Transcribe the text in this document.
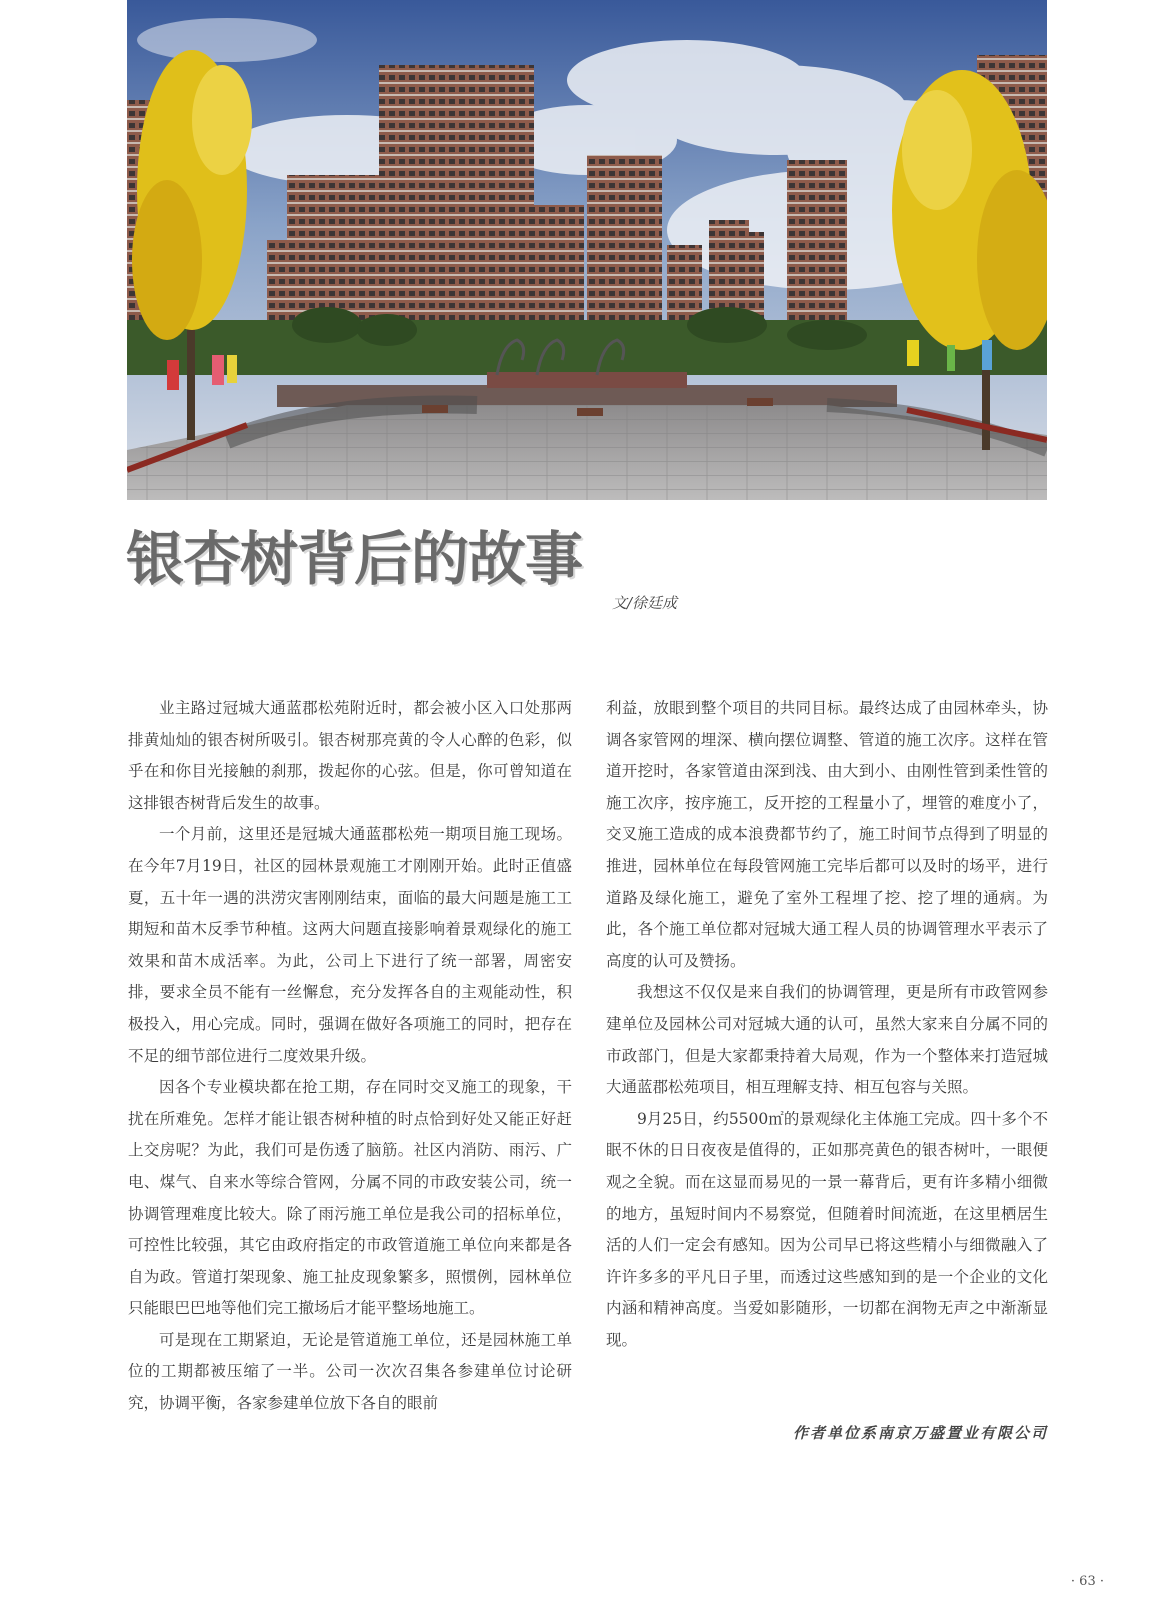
银杏树背后的故事
文/徐廷成

业主路过冠城大通蓝郡松苑附近时，都会被小区入口处那两排黄灿灿的银杏树所吸引。银杏树那亮黄的令人心醉的色彩，似乎在和你目光接触的刹那，拨起你的心弦。但是，你可曾知道在这排银杏树背后发生的故事。

一个月前，这里还是冠城大通蓝郡松苑一期项目施工现场。在今年7月19日，社区的园林景观施工才刚刚开始。此时正值盛夏，五十年一遇的洪涝灾害刚刚结束，面临的最大问题是施工工期短和苗木反季节种植。这两大问题直接影响着景观绿化的施工效果和苗木成活率。为此，公司上下进行了统一部署，周密安排，要求全员不能有一丝懈怠，充分发挥各自的主观能动性，积极投入，用心完成。同时，强调在做好各项施工的同时，把存在不足的细节部位进行二度效果升级。

因各个专业模块都在抢工期，存在同时交叉施工的现象，干扰在所难免。怎样才能让银杏树种植的时点恰到好处又能正好赶上交房呢？为此，我们可是伤透了脑筋。社区内消防、雨污、广电、煤气、自来水等综合管网，分属不同的市政安装公司，统一协调管理难度比较大。除了雨污施工单位是我公司的招标单位，可控性比较强，其它由政府指定的市政管道施工单位向来都是各自为政。管道打架现象、施工扯皮现象繁多，照惯例，园林单位只能眼巴巴地等他们完工撤场后才能平整场地施工。

可是现在工期紧迫，无论是管道施工单位，还是园林施工单位的工期都被压缩了一半。公司一次次召集各参建单位讨论研究，协调平衡，各家参建单位放下各自的眼前

利益，放眼到整个项目的共同目标。最终达成了由园林牵头，协调各家管网的埋深、横向摆位调整、管道的施工次序。这样在管道开挖时，各家管道由深到浅、由大到小、由刚性管到柔性管的施工次序，按序施工，反开挖的工程量小了，埋管的难度小了，交叉施工造成的成本浪费都节约了，施工时间节点得到了明显的推进，园林单位在每段管网施工完毕后都可以及时的场平，进行道路及绿化施工，避免了室外工程埋了挖、挖了埋的通病。为此，各个施工单位都对冠城大通工程人员的协调管理水平表示了高度的认可及赞扬。

我想这不仅仅是来自我们的协调管理，更是所有市政管网参建单位及园林公司对冠城大通的认可，虽然大家来自分属不同的市政部门，但是大家都秉持着大局观，作为一个整体来打造冠城大通蓝郡松苑项目，相互理解支持、相互包容与关照。

9月25日，约5500㎡的景观绿化主体施工完成。四十多个不眠不休的日日夜夜是值得的，正如那亮黄色的银杏树叶，一眼便观之全貌。而在这显而易见的一景一幕背后，更有许多精小细微的地方，虽短时间内不易察觉，但随着时间流逝，在这里栖居生活的人们一定会有感知。因为公司早已将这些精小与细微融入了许许多多的平凡日子里，而透过这些感知到的是一个企业的文化内涵和精神高度。当爱如影随形，一切都在润物无声之中渐渐显现。

作者单位系南京万盛置业有限公司
· 63 ·
